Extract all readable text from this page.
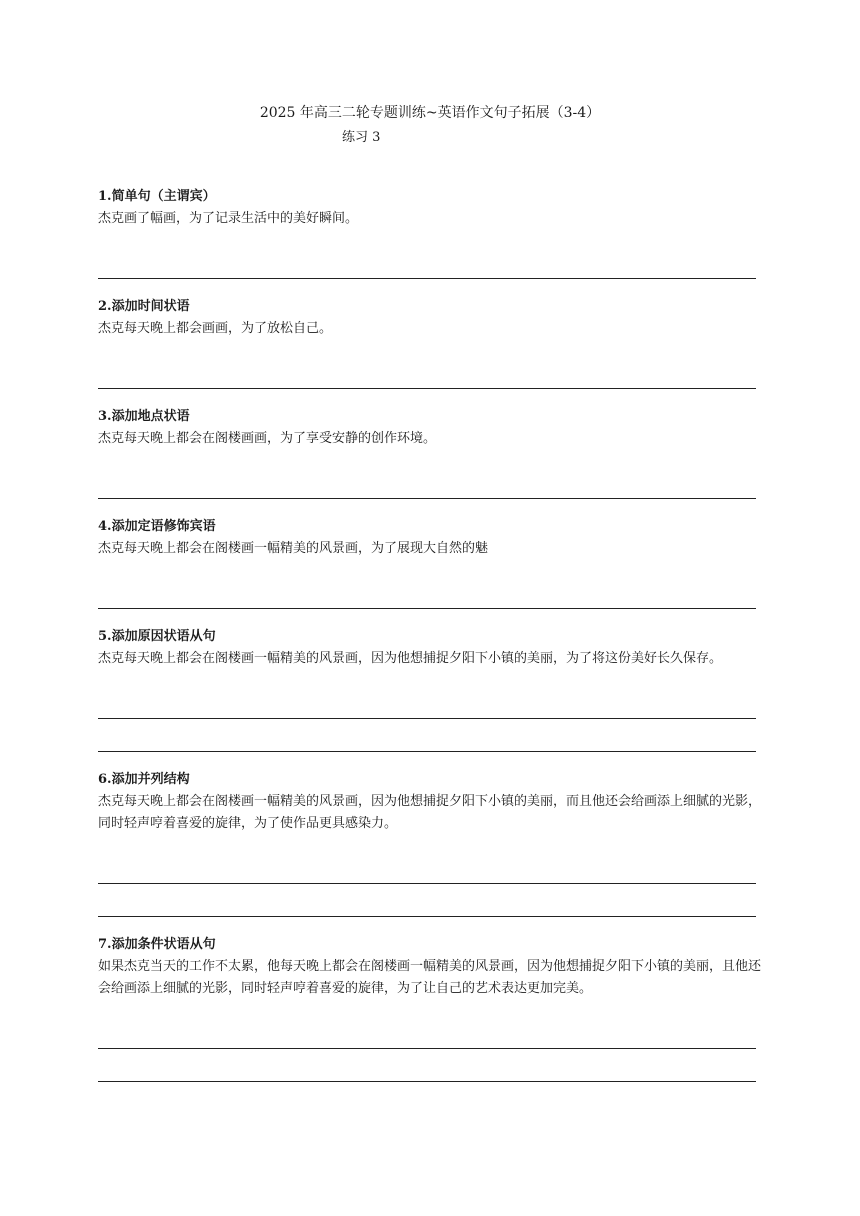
2025 年高三二轮专题训练~英语作文句子拓展（3-4）
练习 3

1.简单句（主谓宾）

杰克画了幅画，为了记录生活中的美好瞬间。

2.添加时间状语

杰克每天晚上都会画画，为了放松自己。

3.添加地点状语

杰克每天晚上都会在阁楼画画，为了享受安静的创作环境。

4.添加定语修饰宾语

杰克每天晚上都会在阁楼画一幅精美的风景画，为了展现大自然的魅

5.添加原因状语从句

杰克每天晚上都会在阁楼画一幅精美的风景画，因为他想捕捉夕阳下小镇的美丽，为了将这份美好长久保存。

6.添加并列结构

杰克每天晚上都会在阁楼画一幅精美的风景画，因为他想捕捉夕阳下小镇的美丽，而且他还会给画添上细腻的光影，同时轻声哼着喜爱的旋律，为了使作品更具感染力。

7.添加条件状语从句

如果杰克当天的工作不太累，他每天晚上都会在阁楼画一幅精美的风景画，因为他想捕捉夕阳下小镇的美丽，且他还会给画添上细腻的光影，同时轻声哼着喜爱的旋律，为了让自己的艺术表达更加完美。
